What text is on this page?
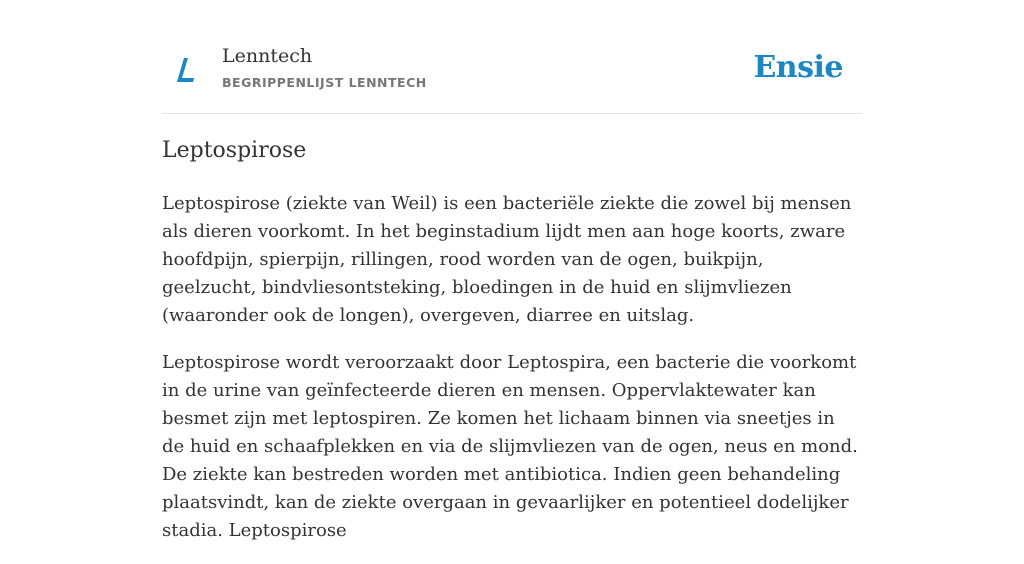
Lenntech
BEGRIPPENLIJST LENNTECH	Ensie
Leptospirose

Leptospirose (ziekte van Weil) is een bacteriële ziekte die zowel bij mensen als dieren voorkomt. In het beginstadium lijdt men aan hoge koorts, zware hoofdpijn, spierpijn, rillingen, rood worden van de ogen, buikpijn, geelzucht, bindvliesontsteking, bloedingen in de huid en slijmvliezen (waaronder ook de longen), overgeven, diarree en uitslag.

Leptospirose wordt veroorzaakt door Leptospira, een bacterie die voorkomt in de urine van geïnfecteerde dieren en mensen. Oppervlaktewater kan besmet zijn met leptospiren. Ze komen het lichaam binnen via sneetjes in de huid en schaafplekken en via de slijmvliezen van de ogen, neus en mond. De ziekte kan bestreden worden met antibiotica. Indien geen behandeling plaatsvindt, kan de ziekte overgaan in gevaarlijker en potentieel dodelijker stadia. Leptospirose
